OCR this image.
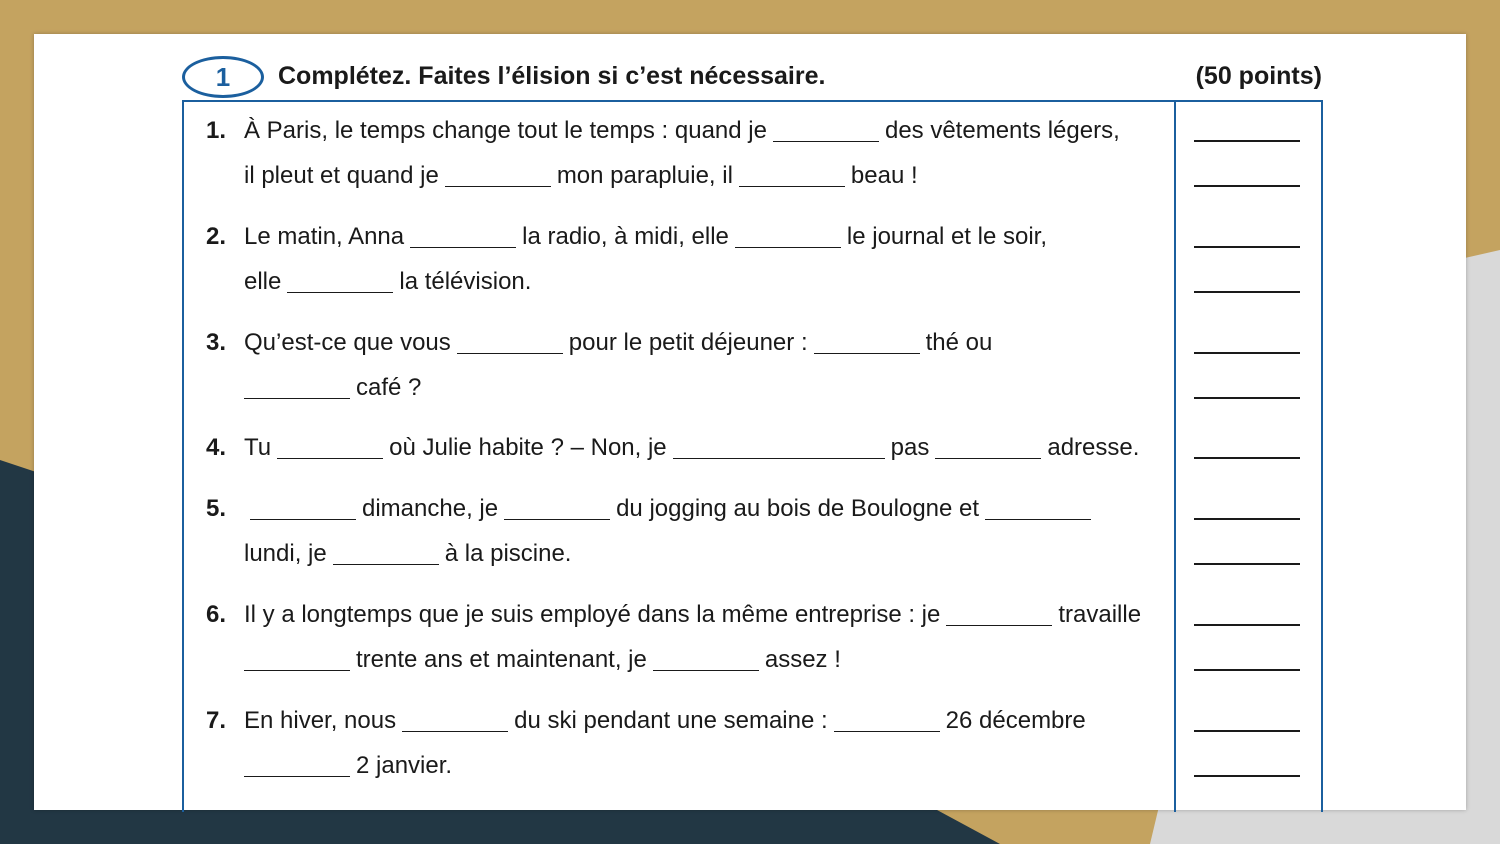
1	Complétez. Faites l’élision si c’est nécessaire.	(50 points)
1. À Paris, le temps change tout le temps : quand je	des vêtements légers,
il pleut et quand je	mon parapluie, il	beau !
2. Le matin, Anna	la radio, à midi, elle	le journal et le soir,
elle	la télévision.
3. Qu’est-ce que vous	pour le petit déjeuner :	thé ou
café ?
4. Tu	où Julie habite ? – Non, je	pas	adresse.
5.	dimanche, je	du jogging au bois de Boulogne et
lundi, je	à la piscine.
6. Il y a longtemps que je suis employé dans la même entreprise : je	travaille
trente ans et maintenant, je	assez !
7. En hiver, nous	du ski pendant une semaine :	26 décembre
2 janvier.
